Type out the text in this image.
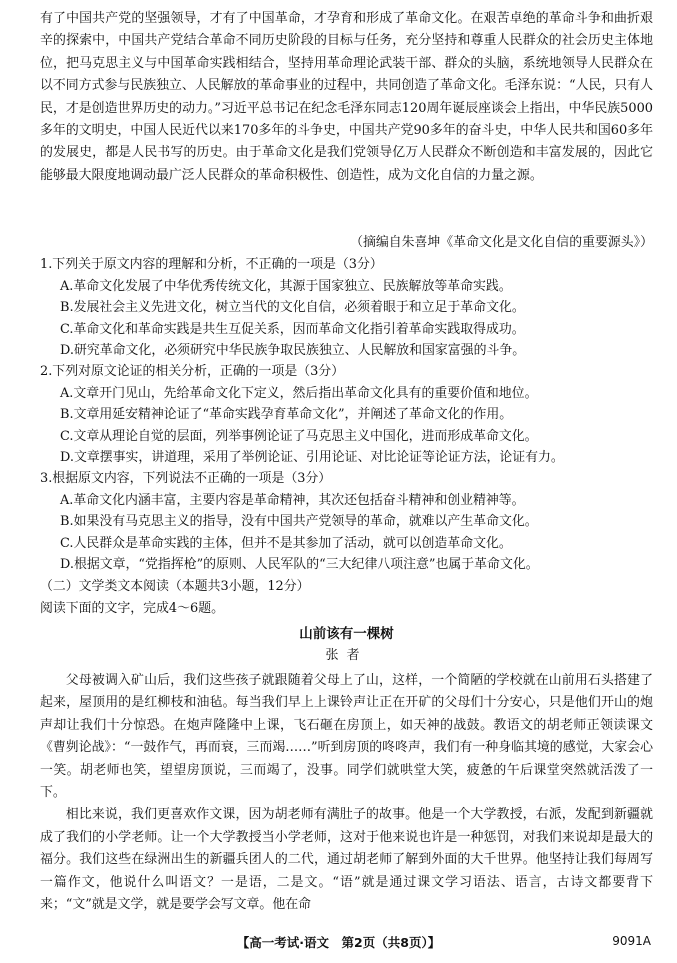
有了中国共产党的坚强领导，才有了中国革命，才孕育和形成了革命文化。在艰苦卓绝的革命斗争和曲折艰辛的探索中，中国共产党结合革命不同历史阶段的目标与任务，充分坚持和尊重人民群众的社会历史主体地位，把马克思主义与中国革命实践相结合，坚持用革命理论武装干部、群众的头脑，系统地领导人民群众在以不同方式参与民族独立、人民解放的革命事业的过程中，共同创造了革命文化。毛泽东说：“人民，只有人民，才是创造世界历史的动力。”习近平总书记在纪念毛泽东同志120周年诞辰座谈会上指出，中华民族5000多年的文明史，中国人民近代以来170多年的斗争史，中国共产党90多年的奋斗史，中华人民共和国60多年的发展史，都是人民书写的历史。由于革命文化是我们党领导亿万人民群众不断创造和丰富发展的，因此它能够最大限度地调动最广泛人民群众的革命积极性、创造性，成为文化自信的力量之源。

（摘编自朱喜坤《革命文化是文化自信的重要源头》）

1.下列关于原文内容的理解和分析，不正确的一项是（3分）

A.革命文化发展了中华优秀传统文化，其源于国家独立、民族解放等革命实践。

B.发展社会主义先进文化，树立当代的文化自信，必须着眼于和立足于革命文化。

C.革命文化和革命实践是共生互促关系，因而革命文化指引着革命实践取得成功。

D.研究革命文化，必须研究中华民族争取民族独立、人民解放和国家富强的斗争。

2.下列对原文论证的相关分析，正确的一项是（3分）

A.文章开门见山，先给革命文化下定义，然后指出革命文化具有的重要价值和地位。

B.文章用延安精神论证了“革命实践孕育革命文化”，并阐述了革命文化的作用。

C.文章从理论自觉的层面，列举事例论证了马克思主义中国化，进而形成革命文化。

D.文章摆事实，讲道理，采用了举例论证、引用论证、对比论证等论证方法，论证有力。

3.根据原文内容，下列说法不正确的一项是（3分）

A.革命文化内涵丰富，主要内容是革命精神，其次还包括奋斗精神和创业精神等。

B.如果没有马克思主义的指导，没有中国共产党领导的革命，就难以产生革命文化。

C.人民群众是革命实践的主体，但并不是其参加了活动，就可以创造革命文化。

D.根据文章，“党指挥枪”的原则、人民军队的“三大纪律八项注意”也属于革命文化。

（二）文学类文本阅读（本题共3小题，12分）
阅读下面的文字，完成4～6题。
山前该有一棵树
张者

父母被调入矿山后，我们这些孩子就跟随着父母上了山，这样，一个简陋的学校就在山前用石头搭建了起来，屋顶用的是红柳枝和油毡。每当我们早上上课铃声让正在开矿的父母们十分安心，只是他们开山的炮声却让我们十分惊恐。在炮声隆隆中上课，飞石砸在房顶上，如天神的战鼓。教语文的胡老师正领读课文《曹刿论战》：“一鼓作气，再而衰，三而竭……”听到房顶的咚咚声，我们有一种身临其境的感觉，大家会心一笑。胡老师也笑，望望房顶说，三而竭了，没事。同学们就哄堂大笑，疲惫的午后课堂突然就活泼了一下。

相比来说，我们更喜欢作文课，因为胡老师有满肚子的故事。他是一个大学教授，右派，发配到新疆就成了我们的小学老师。让一个大学教授当小学老师，这对于他来说也许是一种惩罚，对我们来说却是最大的福分。我们这些在绿洲出生的新疆兵团人的二代，通过胡老师了解到外面的大千世界。他坚持让我们每周写一篇作文，他说什么叫语文？一是语，二是文。“语”就是通过课文学习语法、语言，古诗文都要背下来；“文”就是文学，就是要学会写文章。他在命

【高一考试·语文　第2页（共8页）】	9091A
